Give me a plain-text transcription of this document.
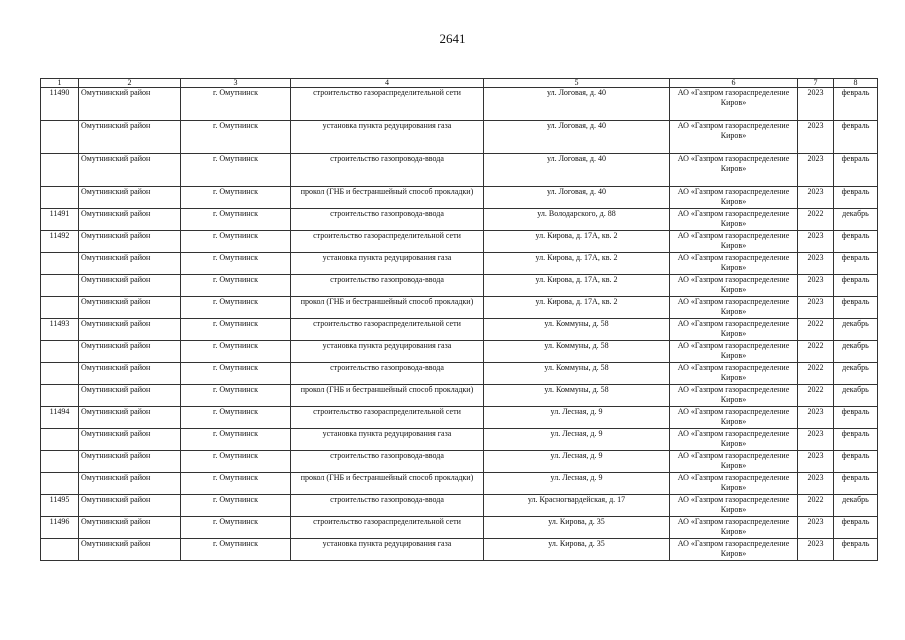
2641
1	2	3	4	5	6	7	8
11490	Омутнинский район	г. Омутнинск	строительство газораспределительной сети	ул. Логовая, д. 40	АО «Газпром газораспределение Киров»	2023	февраль
	Омутнинский район	г. Омутнинск	установка пункта редуцирования газа	ул. Логовая, д. 40	АО «Газпром газораспределение Киров»	2023	февраль
	Омутнинский район	г. Омутнинск	строительство газопровода-ввода	ул. Логовая, д. 40	АО «Газпром газораспределение Киров»	2023	февраль
	Омутнинский район	г. Омутнинск	прокол (ГНБ и бестраншейный способ прокладки)	ул. Логовая, д. 40	АО «Газпром газораспределение Киров»	2023	февраль
11491	Омутнинский район	г. Омутнинск	строительство газопровода-ввода	ул. Володарского, д. 88	АО «Газпром газораспределение Киров»	2022	декабрь
11492	Омутнинский район	г. Омутнинск	строительство газораспределительной сети	ул. Кирова, д. 17А, кв. 2	АО «Газпром газораспределение Киров»	2023	февраль
	Омутнинский район	г. Омутнинск	установка пункта редуцирования газа	ул. Кирова, д. 17А, кв. 2	АО «Газпром газораспределение Киров»	2023	февраль
	Омутнинский район	г. Омутнинск	строительство газопровода-ввода	ул. Кирова, д. 17А, кв. 2	АО «Газпром газораспределение Киров»	2023	февраль
	Омутнинский район	г. Омутнинск	прокол (ГНБ и бестраншейный способ прокладки)	ул. Кирова, д. 17А, кв. 2	АО «Газпром газораспределение Киров»	2023	февраль
11493	Омутнинский район	г. Омутнинск	строительство газораспределительной сети	ул. Коммуны, д. 58	АО «Газпром газораспределение Киров»	2022	декабрь
	Омутнинский район	г. Омутнинск	установка пункта редуцирования газа	ул. Коммуны, д. 58	АО «Газпром газораспределение Киров»	2022	декабрь
	Омутнинский район	г. Омутнинск	строительство газопровода-ввода	ул. Коммуны, д. 58	АО «Газпром газораспределение Киров»	2022	декабрь
	Омутнинский район	г. Омутнинск	прокол (ГНБ и бестраншейный способ прокладки)	ул. Коммуны, д. 58	АО «Газпром газораспределение Киров»	2022	декабрь
11494	Омутнинский район	г. Омутнинск	строительство газораспределительной сети	ул. Лесная, д. 9	АО «Газпром газораспределение Киров»	2023	февраль
	Омутнинский район	г. Омутнинск	установка пункта редуцирования газа	ул. Лесная, д. 9	АО «Газпром газораспределение Киров»	2023	февраль
	Омутнинский район	г. Омутнинск	строительство газопровода-ввода	ул. Лесная, д. 9	АО «Газпром газораспределение Киров»	2023	февраль
	Омутнинский район	г. Омутнинск	прокол (ГНБ и бестраншейный способ прокладки)	ул. Лесная, д. 9	АО «Газпром газораспределение Киров»	2023	февраль
11495	Омутнинский район	г. Омутнинск	строительство газопровода-ввода	ул. Красногвардейская, д. 17	АО «Газпром газораспределение Киров»	2022	декабрь
11496	Омутнинский район	г. Омутнинск	строительство газораспределительной сети	ул. Кирова, д. 35	АО «Газпром газораспределение Киров»	2023	февраль
	Омутнинский район	г. Омутнинск	установка пункта редуцирования газа	ул. Кирова, д. 35	АО «Газпром газораспределение Киров»	2023	февраль
